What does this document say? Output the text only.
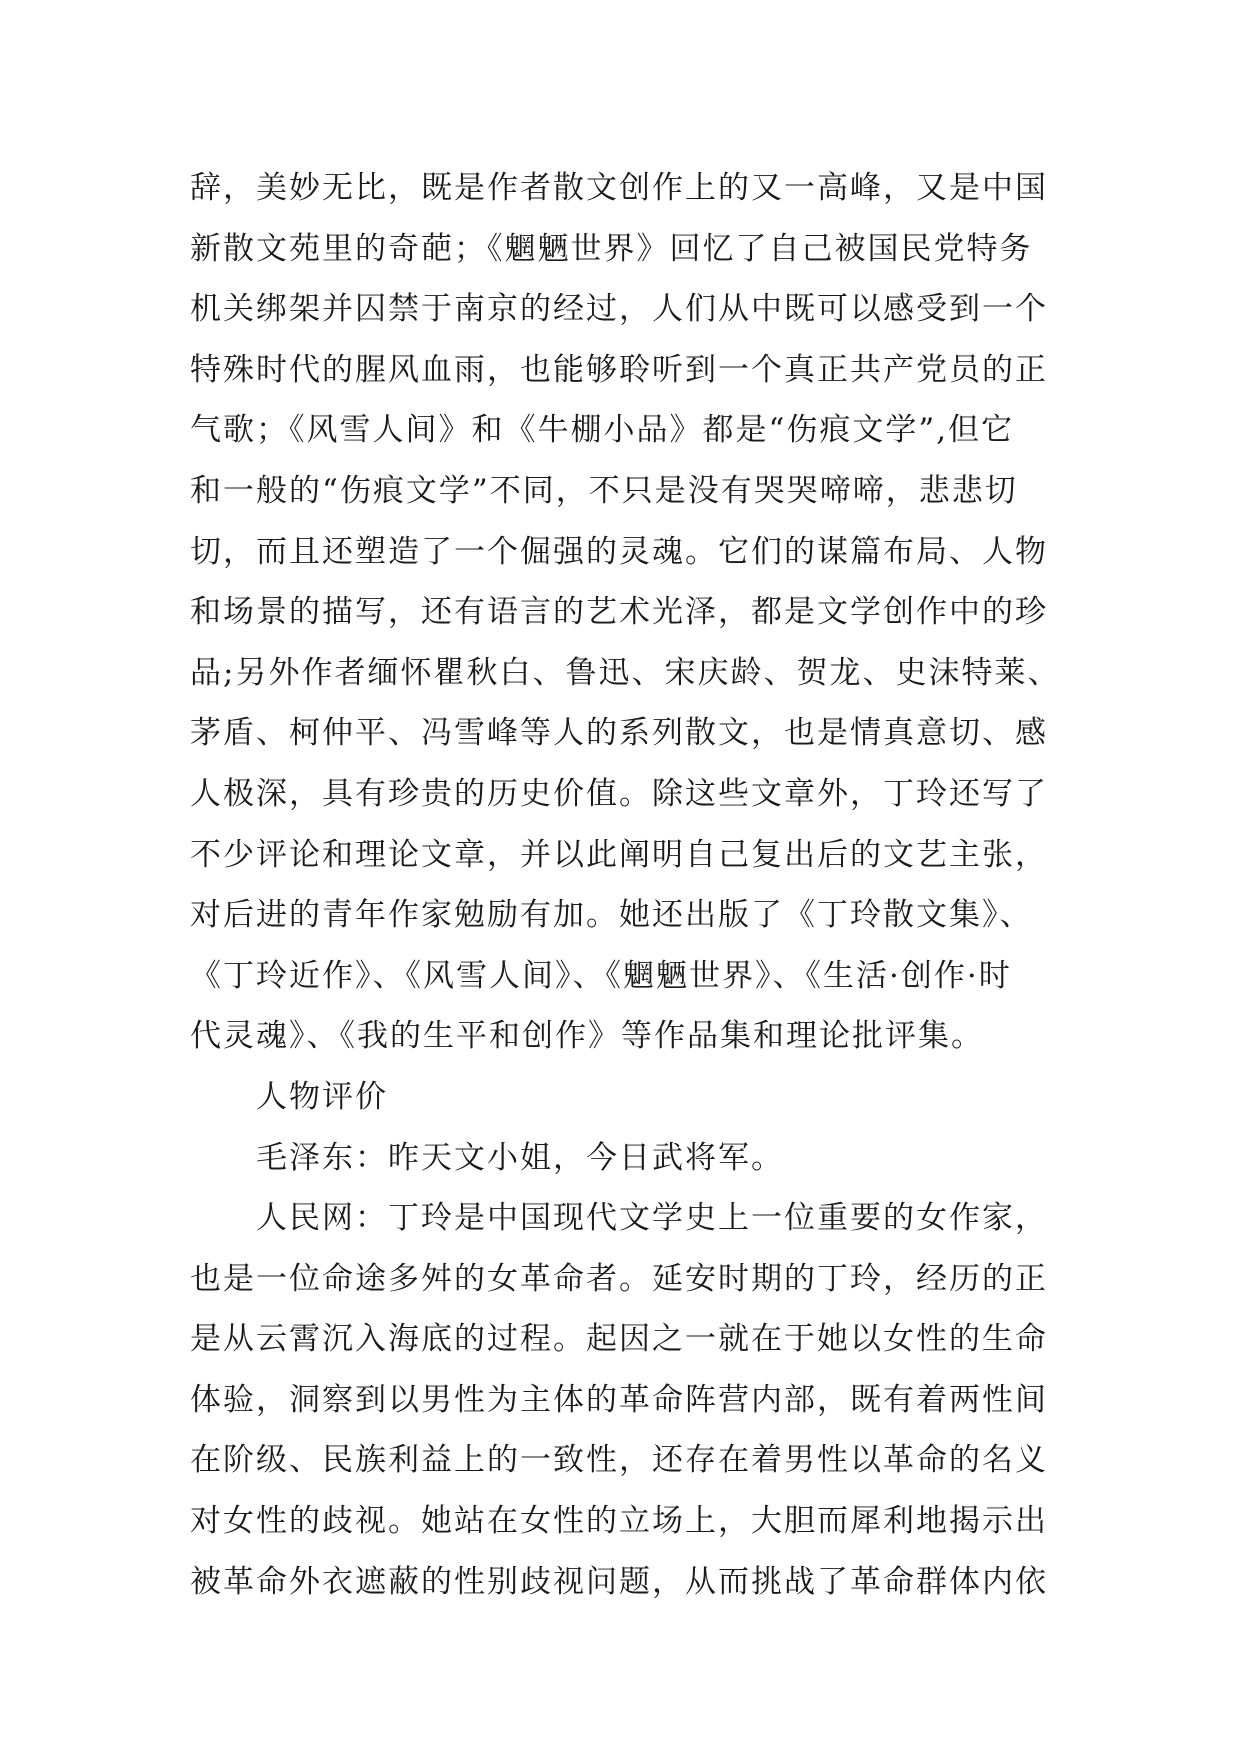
辞，美妙无比，既是作者散文创作上的又一高峰，又是中国
新散文苑里的奇葩；《魍魉世界》回忆了自己被国民党特务
机关绑架并囚禁于南京的经过，人们从中既可以感受到一个
特殊时代的腥风血雨，也能够聆听到一个真正共产党员的正
气歌；《风雪人间》和《牛棚小品》都是“伤痕文学”,但它
和一般的“伤痕文学”不同，不只是没有哭哭啼啼，悲悲切
切，而且还塑造了一个倔强的灵魂。它们的谋篇布局、人物
和场景的描写，还有语言的艺术光泽，都是文学创作中的珍
品;另外作者缅怀瞿秋白、鲁迅、宋庆龄、贺龙、史沫特莱、
茅盾、柯仲平、冯雪峰等人的系列散文，也是情真意切、感
人极深，具有珍贵的历史价值。除这些文章外，丁玲还写了
不少评论和理论文章，并以此阐明自己复出后的文艺主张，
对后进的青年作家勉励有加。她还出版了《丁玲散文集》、
《丁玲近作》、《风雪人间》、《魍魉世界》、《生活·创作·时
代灵魂》、《我的生平和创作》等作品集和理论批评集。
人物评价
毛泽东：昨天文小姐，今日武将军。
人民网：丁玲是中国现代文学史上一位重要的女作家，
也是一位命途多舛的女革命者。延安时期的丁玲，经历的正
是从云霄沉入海底的过程。起因之一就在于她以女性的生命
体验，洞察到以男性为主体的革命阵营内部，既有着两性间
在阶级、民族利益上的一致性，还存在着男性以革命的名义
对女性的歧视。她站在女性的立场上，大胆而犀利地揭示出
被革命外衣遮蔽的性别歧视问题，从而挑战了革命群体内依
